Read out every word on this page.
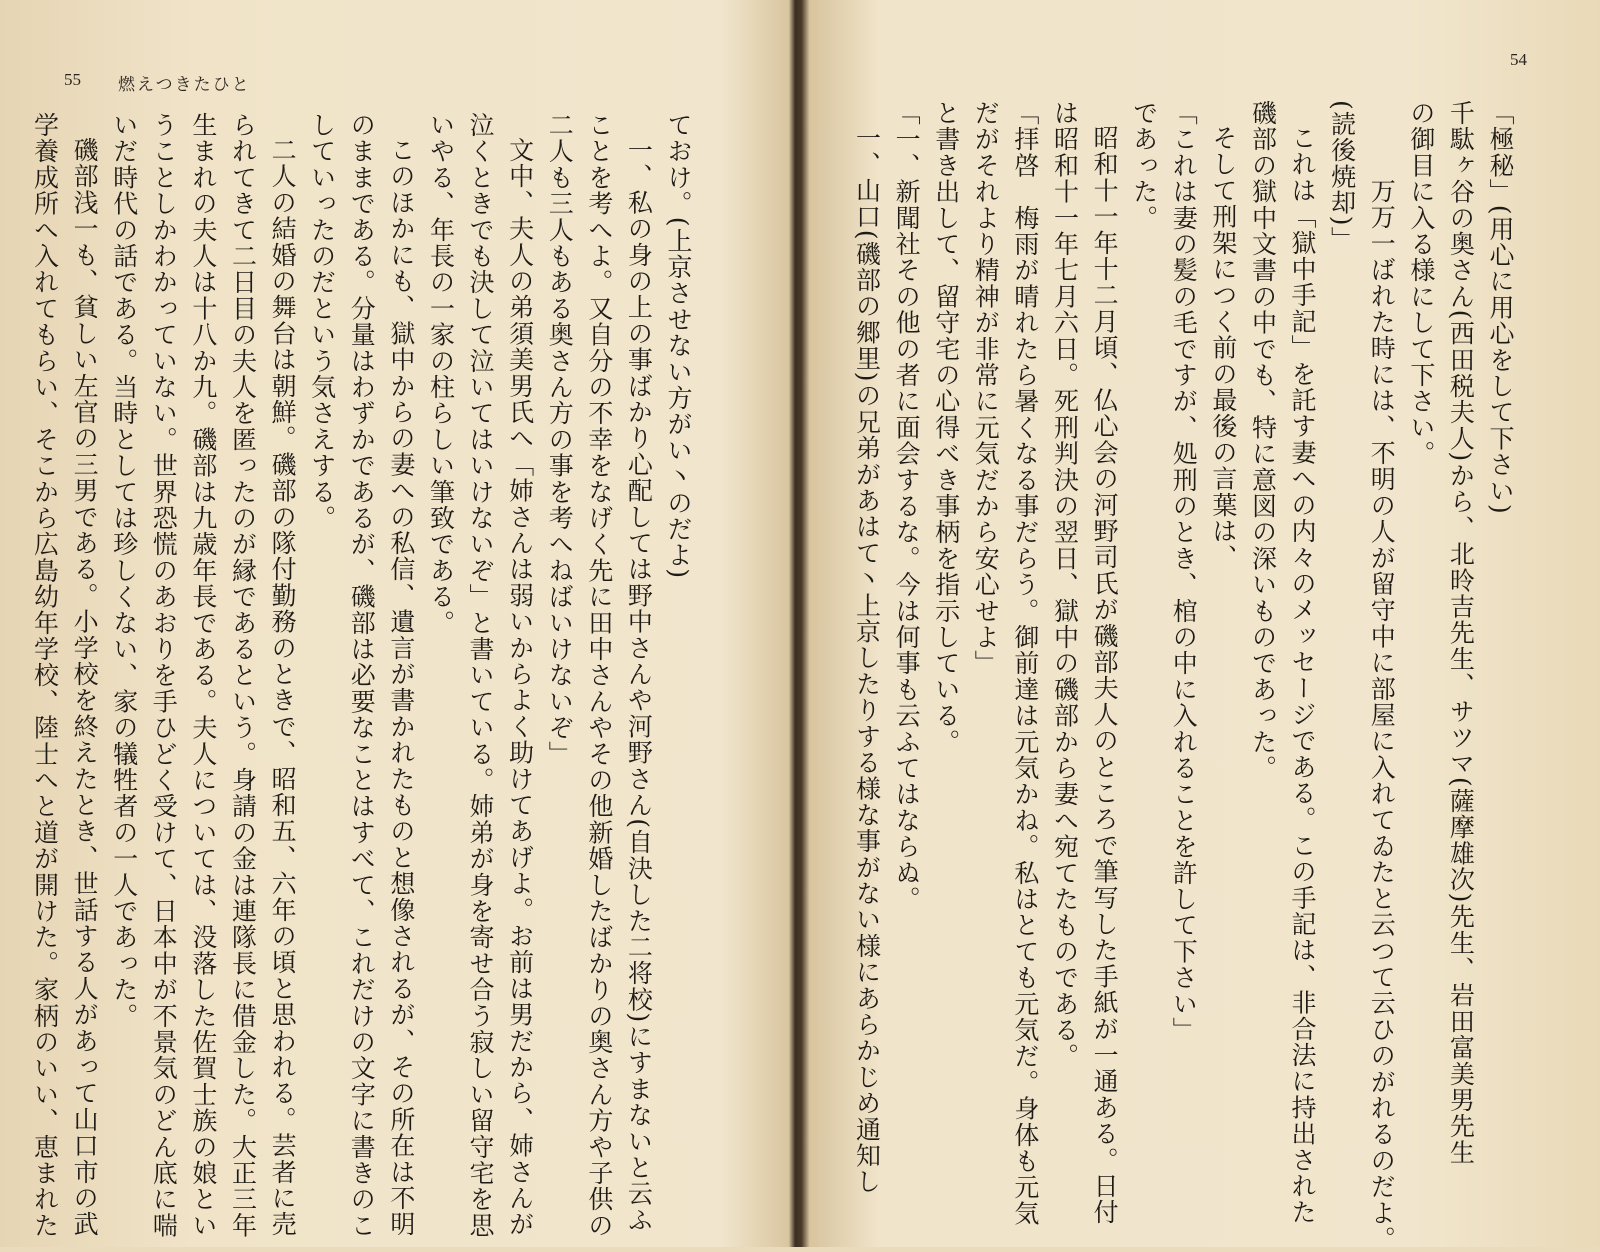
55 燃えつきたひと
ておけ。(上京させない方がい丶のだよ)
一、私の身の上の事ばかり心配しては野中さんや河野さん(自決した二将校)にすまないと云ふ
ことを考へよ。又自分の不幸をなげく先に田中さんやその他新婚したばかりの奥さん方や子供の
二人も三人もある奥さん方の事を考へねばいけないぞ」
文中、夫人の弟須美男氏へ「姉さんは弱いからよく助けてあげよ。お前は男だから、姉さんが
泣くときでも決して泣いてはいけないぞ」と書いている。姉弟が身を寄せ合う寂しい留守宅を思
いやる、年長の一家の柱らしい筆致である。
このほかにも、獄中からの妻への私信、遺言が書かれたものと想像されるが、その所在は不明
のままである。分量はわずかであるが、磯部は必要なことはすべて、これだけの文字に書きのこ
していったのだという気さえする。
二人の結婚の舞台は朝鮮。磯部の隊付勤務のときで、昭和五、六年の頃と思われる。芸者に売
られてきて二日目の夫人を匿ったのが縁であるという。身請の金は連隊長に借金した。大正三年
生まれの夫人は十八か九。磯部は九歳年長である。夫人については、没落した佐賀士族の娘とい
うことしかわかっていない。世界恐慌のあおりを手ひどく受けて、日本中が不景気のどん底に喘
いだ時代の話である。当時としては珍しくない、家の犠牲者の一人であった。
磯部浅一も、貧しい左官の三男である。小学校を終えたとき、世話する人があって山口市の武
学養成所へ入れてもらい、そこから広島幼年学校、陸士へと道が開けた。家柄のいい、恵まれた
54
「極秘」(用心に用心をして下さい)
千駄ヶ谷の奥さん(西田税夫人)から、北昤吉先生、サツマ(薩摩雄次)先生、岩田富美男先生
の御目に入る様にして下さい。
万万一ばれた時には、不明の人が留守中に部屋に入れてゐたと云つて云ひのがれるのだよ。
(読後焼却)」
これは「獄中手記」を託す妻への内々のメッセージである。この手記は、非合法に持出された
磯部の獄中文書の中でも、特に意図の深いものであった。
そして刑架につく前の最後の言葉は、
「これは妻の髪の毛ですが、処刑のとき、棺の中に入れることを許して下さい」
であった。
昭和十一年十二月頃、仏心会の河野司氏が磯部夫人のところで筆写した手紙が一通ある。日付
は昭和十一年七月六日。死刑判決の翌日、獄中の磯部から妻へ宛てたものである。
「拝啓　梅雨が晴れたら暑くなる事だらう。御前達は元気かね。私はとても元気だ。身体も元気
だがそれより精神が非常に元気だから安心せよ」
と書き出して、留守宅の心得べき事柄を指示している。
「一、新聞社その他の者に面会するな。今は何事も云ふてはならぬ。
一、山口(磯部の郷里)の兄弟があはて丶上京したりする様な事がない様にあらかじめ通知し
